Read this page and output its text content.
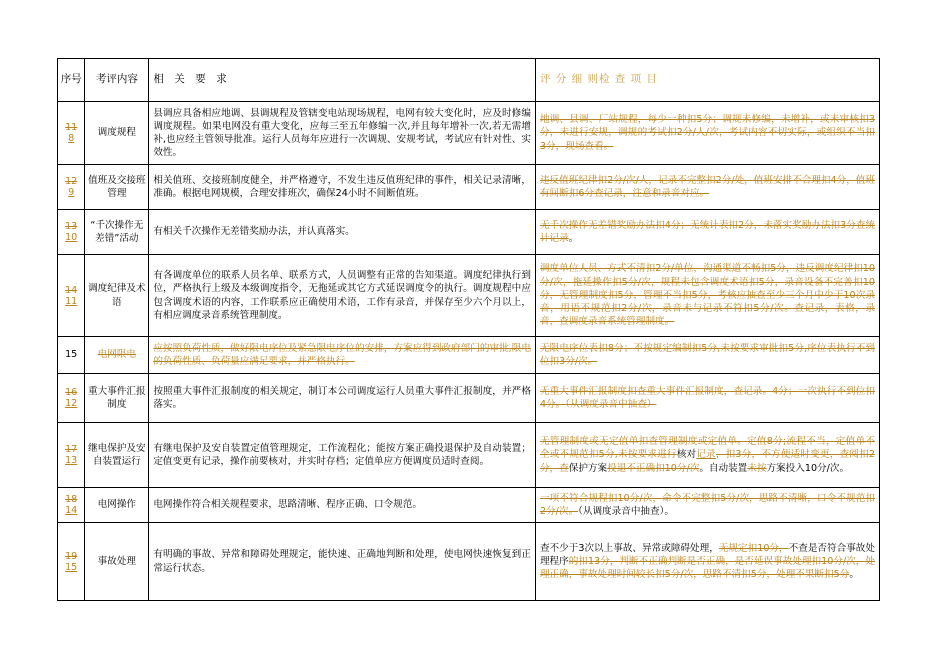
序号	考评内容	相　关　要　求	评 分 细 则检 查 项 目
11
8	调度规程	县调应具备相应地调、县调规程及管辖变电站现场规程，电网有较大变化时，应及时修编调度规程。如果电网没有重大变化，应每三至五年修编一次,并且每年增补一次,若无需增补,也应经主管领导批准。运行人员每年应进行一次调规、安规考试，考试应有针对性、实效性。	地调、县调、厂站规程，每少一种扣5分；调规未修编，未增补，或未审核扣3分，未进行安规，调规的考试扣2分/人/次，考试内容不切实际，或组织不当扣3分，现场查看。
12
9	值班及交接班管理	相关值班、交接班制度健全，并严格遵守，不发生违反值班纪律的事件，相关记录清晰，准确。根据电网规模，合理安排班次，确保24小时不间断值班。	违反值班纪律扣2分/次/人，记录不完整扣2分/处，值班安排不合理扣4分，值班有间断扣6分查记录，注意和录音对应。
13
10	“千次操作无差错”活动	有相关千次操作无差错奖励办法，并认真落实。	无千次操作无差错奖励办法扣4分；无统计表扣2分，未落实奖励办法扣3分查统计记录。
14
11	调度纪律及术语	有各调度单位的联系人员名单、联系方式，人员调整有正常的告知渠道。调度纪律执行到位，严格执行上级及本级调度指令，无拖延或其它方式延误调度令的执行。调度规程中应包含调度术语的内容，工作联系应正确使用术语，工作有录音，并保存至少六个月以上，有相应调度录音系统管理制度。	调度单位人员、方式不清扣2分/单位，沟通渠道不畅扣5分，违反调度纪律扣10分/次，拖延操作扣5分/次，规程未包含调度术语扣5分，录音设备不完善扣10分，无管理制度扣5分，管理不当扣5分，考核应抽查至少三个月中少于10次录音，用语不规范扣2分/次，录音未与记录不符扣5分/次。查记录，表格，录音，查调度录音系统管理制度。
15	电网限电	应按照负荷性质，做好限电序位及紧急限电序位的安排，方案应得到政府部门的审批,限电的负荷性质、负荷量应满足要求，并严格执行。	无限电序位表扣8分；不按规定编制扣5分,未按要求审批扣5分,序位表执行不到位扣3分/次。
16
12	重大事件汇报制度	按照重大事件汇报制度的相关规定，制订本公司调度运行人员重大事件汇报制度，并严格落实。	无重大事件汇报制度扣查重大事件汇报制度，查记录。4分；一次执行不到位扣4分。（从调度录音中抽查）
17
13	继电保护及安自装置运行	有继电保护及安自装置定值管理规定，工作流程化；能按方案正确投退保护及自动装置；定值变更有记录，操作前要核对，并实时存档；定值单应方便调度员适时查阅。	无管理制度或无定值单扣查管理制度或定值单。定值8分;流程不当，定值单不全或不规范扣5分,未按要求进行核对记录，扣3分，不方便适时变更，查阅扣2分，查保护方案投退不正确扣10分/次。自动装置未按方案投入10分/次。
18
14	电网操作	电网操作符合相关规程要求，思路清晰、程序正确、口令规范。	一项不符合规程扣10分/次，命令不完整扣5分/次，思路不清晰，口令不规范扣2分/次。（从调度录音中抽查）。
19
15	事故处理	有明确的事故、异常和障碍处理规定，能快速、正确地判断和处理，使电网快速恢复到正常运行状态。	查不少于3次以上事故、异常或障碍处理，无规定扣10分，不查是否符合事故处理程序的扣13分，判断不正确判断是否正确，是否延误事故处理扣10分/次，处理正确，事故处理时间较长扣5分/次，思路不清扣5分，处理不果断扣5分。
